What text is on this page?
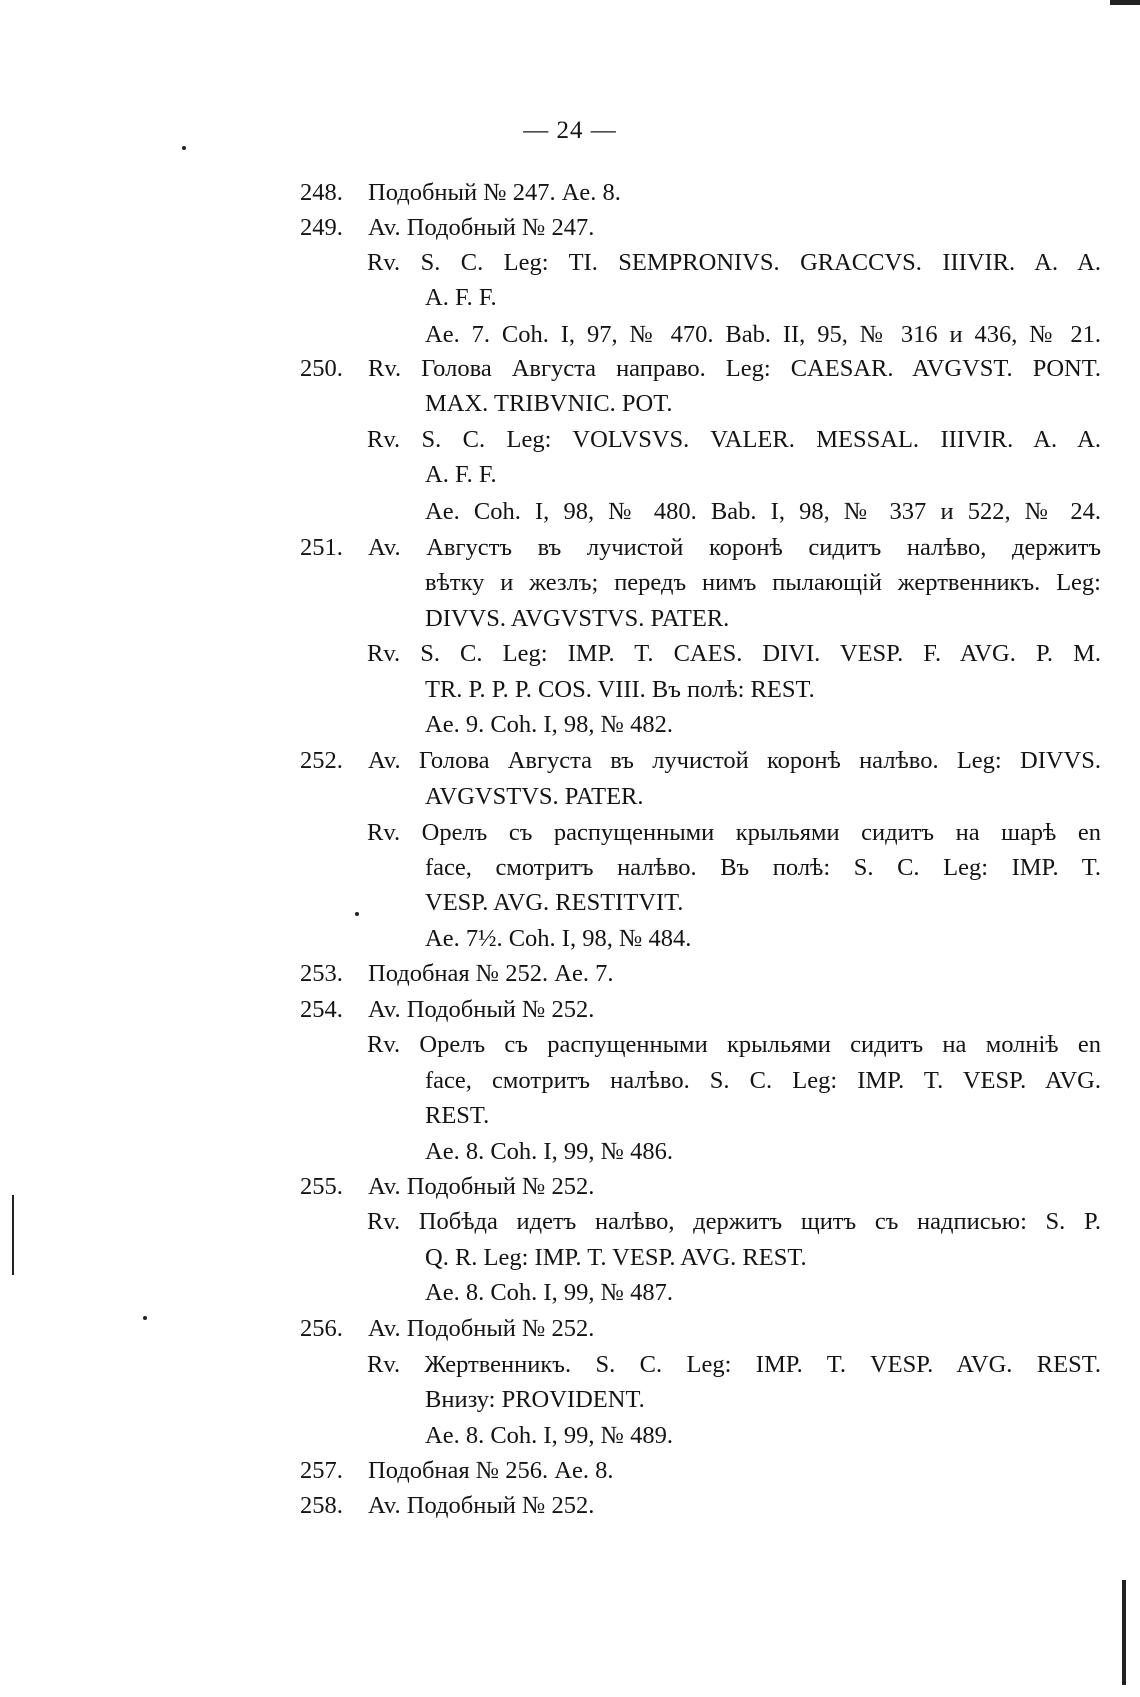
— 24 —
248. Подобный № 247. Ae. 8.
249. Av. Подобный № 247.
Rv. S. C. Leg: TI. SEMPRONIVS. GRACCVS. IIIVIR. A. A.
A. F. F.
Ae. 7. Coh. I, 97, № 470. Bab. II, 95, № 316 и 436, № 21.
250. Rv. Голова Августа направо. Leg: CAESAR. AVGVST. PONT.
MAX. TRIBVNIC. POT.
Rv. S. C. Leg: VOLVSVS. VALER. MESSAL. IIIVIR. A. A.
A. F. F.
Ae. Coh. I, 98, № 480. Bab. I, 98, № 337 и 522, № 24.
251. Av. Августъ въ лучистой коронѣ сидитъ налѣво, держитъ
вѣтку и жезлъ; передъ нимъ пылающій жертвенникъ. Leg:
DIVVS. AVGVSTVS. PATER.
Rv. S. C. Leg: IMP. T. CAES. DIVI. VESP. F. AVG. P. M.
TR. P. P. P. COS. VIII. Въ полѣ: REST.
Ae. 9. Coh. I, 98, № 482.
252. Av. Голова Августа въ лучистой коронѣ налѣво. Leg: DIVVS.
AVGVSTVS. PATER.
Rv. Орелъ съ распущенными крыльями сидитъ на шарѣ en
face, смотритъ налѣво. Въ полѣ: S. C. Leg: IMP. T.
VESP. AVG. RESTITVIT.
Ae. 7½. Coh. I, 98, № 484.
253. Подобная № 252. Ae. 7.
254. Av. Подобный № 252.
Rv. Орелъ съ распущенными крыльями сидитъ на молніѣ en
face, смотритъ налѣво. S. C. Leg: IMP. T. VESP. AVG.
REST.
Ae. 8. Coh. I, 99, № 486.
255. Av. Подобный № 252.
Rv. Побѣда идетъ налѣво, держитъ щитъ съ надписью: S. P.
Q. R. Leg: IMP. T. VESP. AVG. REST.
Ae. 8. Coh. I, 99, № 487.
256. Av. Подобный № 252.
Rv. Жертвенникъ. S. C. Leg: IMP. T. VESP. AVG. REST.
Внизу: PROVIDENT.
Ae. 8. Coh. I, 99, № 489.
257. Подобная № 256. Ae. 8.
258. Av. Подобный № 252.
